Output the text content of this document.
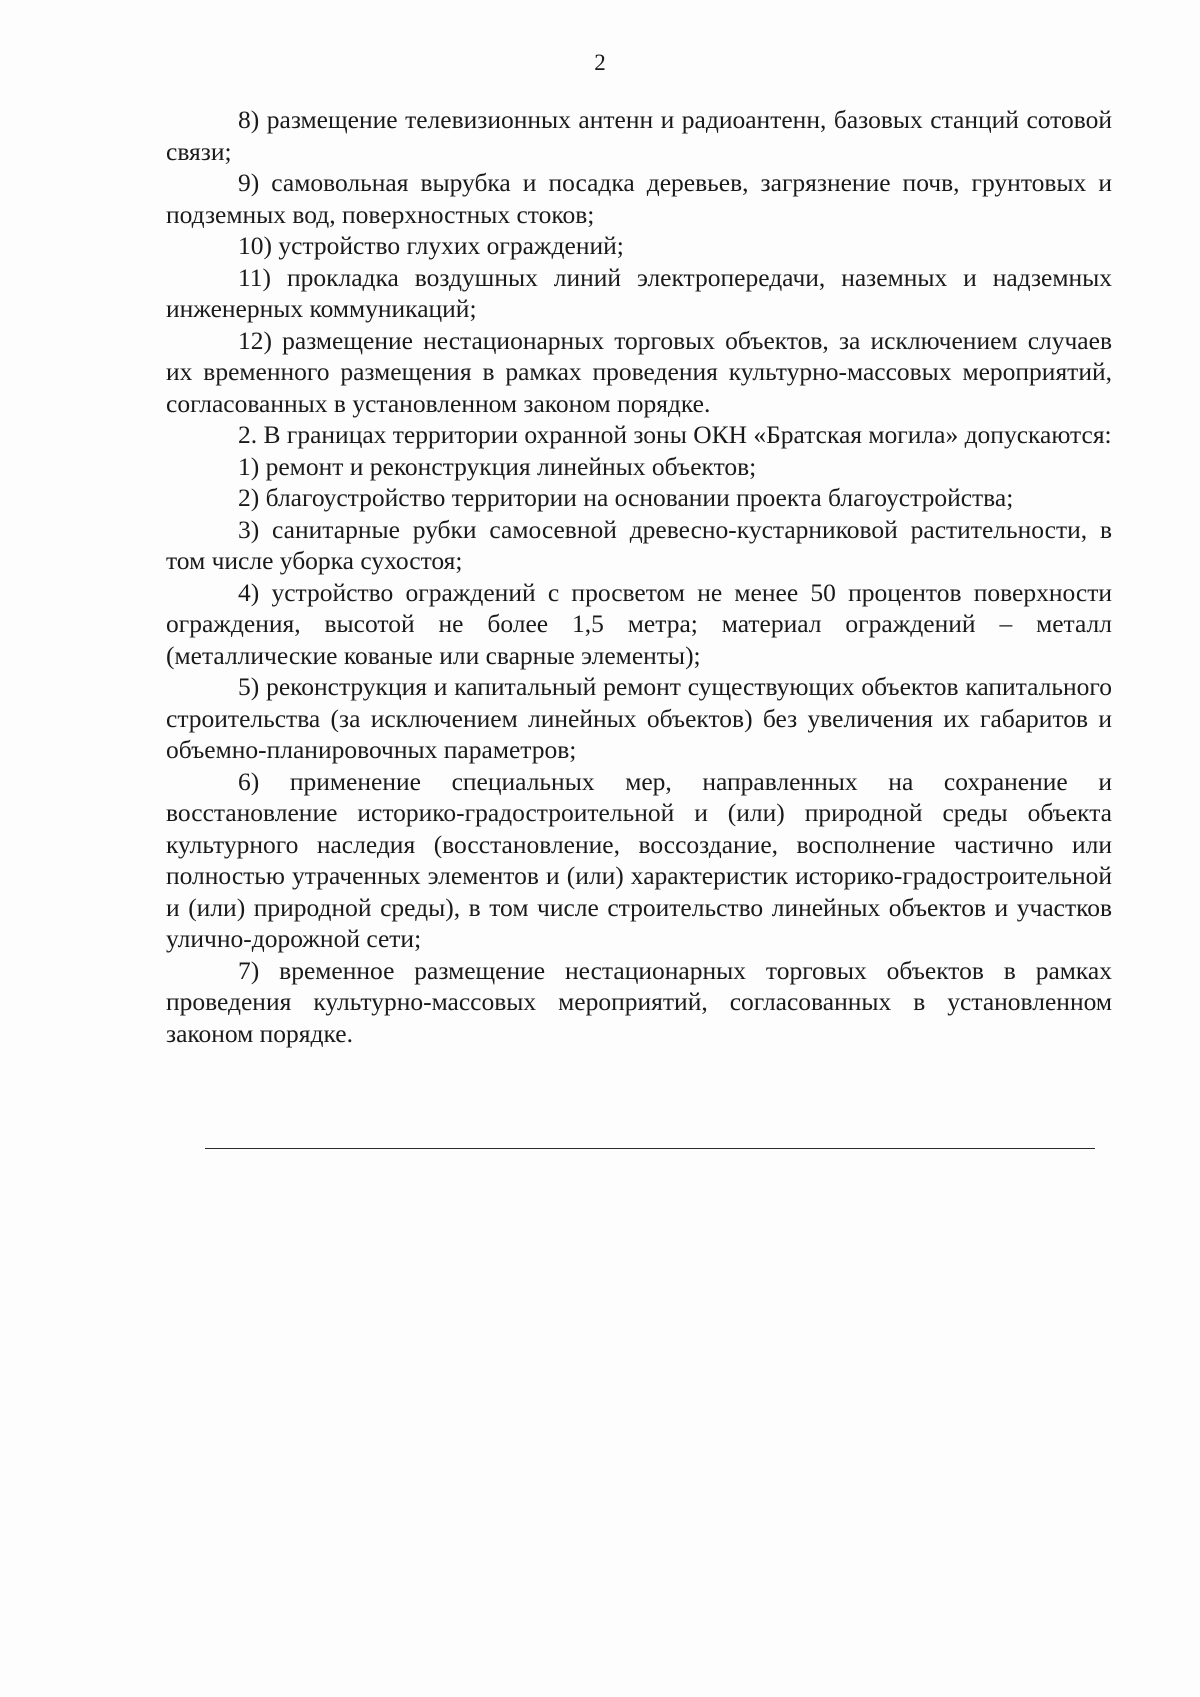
2

8) размещение телевизионных антенн и радиоантенн, базовых станций сотовой связи;

9) самовольная вырубка и посадка деревьев, загрязнение почв, грунтовых и подземных вод, поверхностных стоков;

10) устройство глухих ограждений;

11) прокладка воздушных линий электропередачи, наземных и надземных инженерных коммуникаций;

12) размещение нестационарных торговых объектов, за исключением случаев их временного размещения в рамках проведения культурно-массовых мероприятий, согласованных в установленном законом порядке.

2. В границах территории охранной зоны ОКН «Братская могила» допускаются:

1) ремонт и реконструкция линейных объектов;

2) благоустройство территории на основании проекта благоустройства;

3) санитарные рубки самосевной древесно-кустарниковой растительности, в том числе уборка сухостоя;

4) устройство ограждений с просветом не менее 50 процентов поверхности ограждения, высотой не более 1,5 метра; материал ограждений – металл (металлические кованые или сварные элементы);

5) реконструкция и капитальный ремонт существующих объектов капитального строительства (за исключением линейных объектов) без увеличения их габаритов и объемно-планировочных параметров;

6) применение специальных мер, направленных на сохранение и восстановление историко-градостроительной и (или) природной среды объекта культурного наследия (восстановление, воссоздание, восполнение частично или полностью утраченных элементов и (или) характеристик историко-градостроительной и (или) природной среды), в том числе строительство линейных объектов и участков улично-дорожной сети;

7) временное размещение нестационарных торговых объектов в рамках проведения культурно-массовых мероприятий, согласованных в установленном законом порядке.
